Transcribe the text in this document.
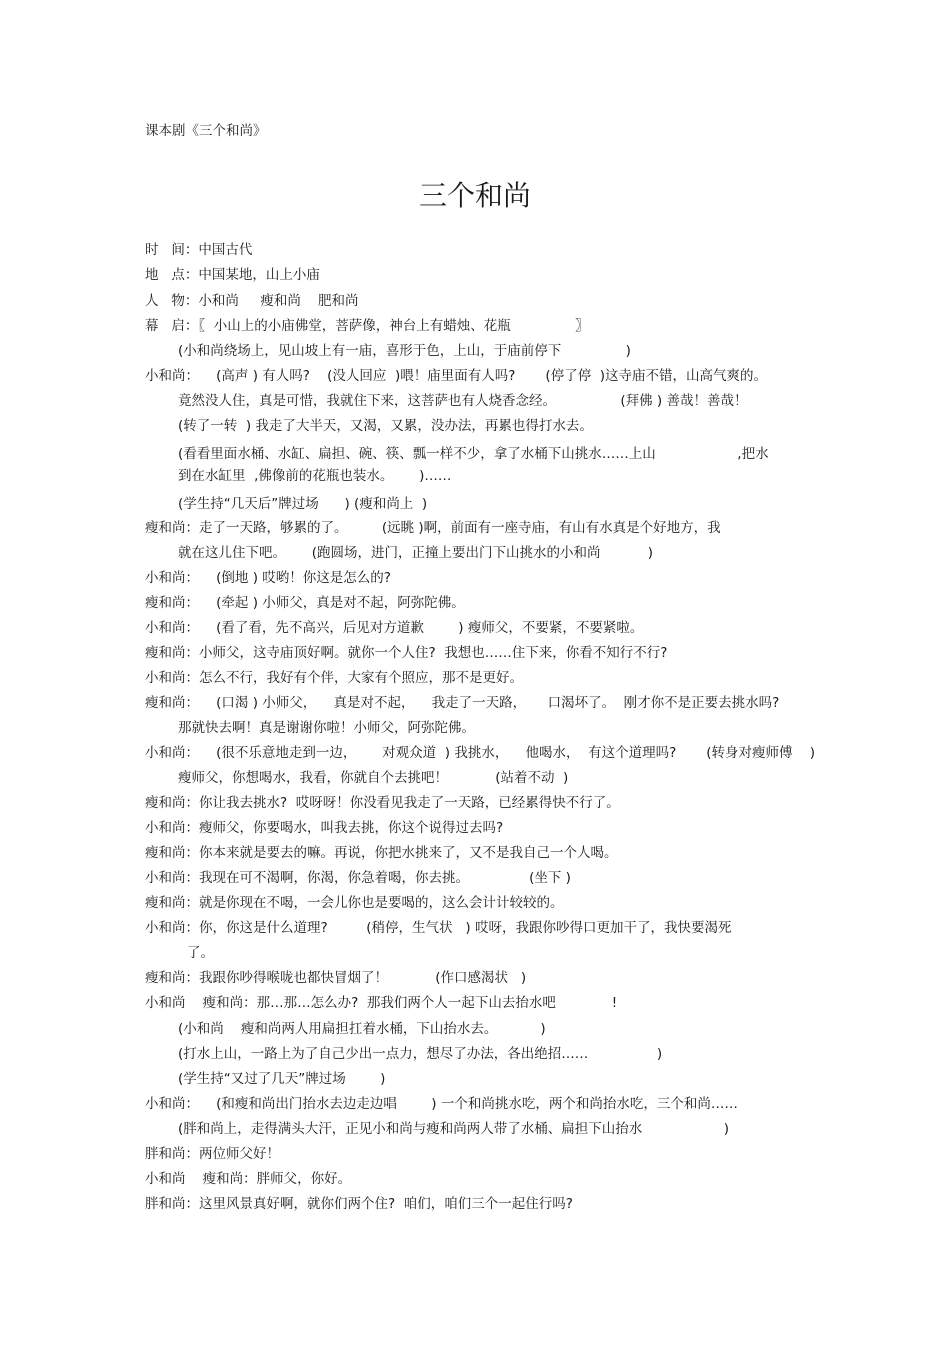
课本剧《三个和尚》
三个和尚
时   间：中国古代
地   点：中国某地，山上小庙
人   物：小和尚     瘦和尚    肥和尚
幕   启：〖  小山上的小庙佛堂，菩萨像，神台上有蜡烛、花瓶               〗
(小和尚绕场上，见山坡上有一庙，喜形于色，上山，于庙前停下               )
小和尚：    (高声 ) 有人吗?    (没人回应  )喂！庙里面有人吗?       (停了停  )这寺庙不错，山高气爽的。
竟然没人住，真是可惜，我就住下来，这菩萨也有人烧香念经。               (拜佛 ) 善哉！善哉！
(转了一转  ) 我走了大半天，又渴，又累，没办法，再累也得打水去。
(看看里面水桶、水缸、扁担、碗、筷、瓢一样不少，拿了水桶下山挑水……上山                   ,把水
到在水缸里  ,佛像前的花瓶也装水。      )……
(学生持“几天后”牌过场      ) (瘦和尚上  )
瘦和尚：走了一天路，够累的了。        (远眺 )啊，前面有一座寺庙，有山有水真是个好地方，我
就在这儿住下吧。      (跑圆场，进门，正撞上要出门下山挑水的小和尚           )
小和尚：    (倒地 ) 哎哟！你这是怎么的?
瘦和尚：    (牵起 ) 小师父，真是对不起，阿弥陀佛。
小和尚：    (看了看，先不高兴，后见对方道歉        ) 瘦师父，不要紧，不要紧啦。
瘦和尚：小师父，这寺庙顶好啊。就你一个人住?  我想也……住下来，你看不知行不行?
小和尚：怎么不行，我好有个伴，大家有个照应，那不是更好。
瘦和尚：    (口渴 ) 小师父，    真是对不起，    我走了一天路，     口渴坏了。  刚才你不是正要去挑水吗?
那就快去啊！真是谢谢你啦！小师父，阿弥陀佛。
小和尚：    (很不乐意地走到一边，      对观众道  ) 我挑水，    他喝水，  有这个道理吗?       (转身对瘦师傅    )
瘦师父，你想喝水，我看，你就自个去挑吧！           (站着不动  )
瘦和尚：你让我去挑水?  哎呀呀！你没看见我走了一天路，已经累得快不行了。
小和尚：瘦师父，你要喝水，叫我去挑，你这个说得过去吗?
瘦和尚：你本来就是要去的嘛。再说，你把水挑来了，又不是我自己一个人喝。
小和尚：我现在可不渴啊，你渴，你急着喝，你去挑。              (坐下 )
瘦和尚：就是你现在不喝，一会儿你也是要喝的，这么会计计较较的。
小和尚：你，你这是什么道理?         (稍停，生气状   ) 哎呀，我跟你吵得口更加干了，我快要渴死
了。
瘦和尚：我跟你吵得喉咙也都快冒烟了！           (作口感渴状   )
小和尚    瘦和尚：那…那…怎么办?  那我们两个人一起下山去抬水吧             !
(小和尚    瘦和尚两人用扁担扛着水桶，下山抬水去。          )
(打水上山，一路上为了自己少出一点力，想尽了办法，各出绝招……                )
(学生持“又过了几天”牌过场        )
小和尚：    (和瘦和尚出门抬水去边走边唱        ) 一个和尚挑水吃，两个和尚抬水吃，三个和尚……
(胖和尚上，走得满头大汗，正见小和尚与瘦和尚两人带了水桶、扁担下山抬水                   )
胖和尚：两位师父好！
小和尚    瘦和尚：胖师父，你好。
胖和尚：这里风景真好啊，就你们两个住?  咱们，咱们三个一起住行吗?
